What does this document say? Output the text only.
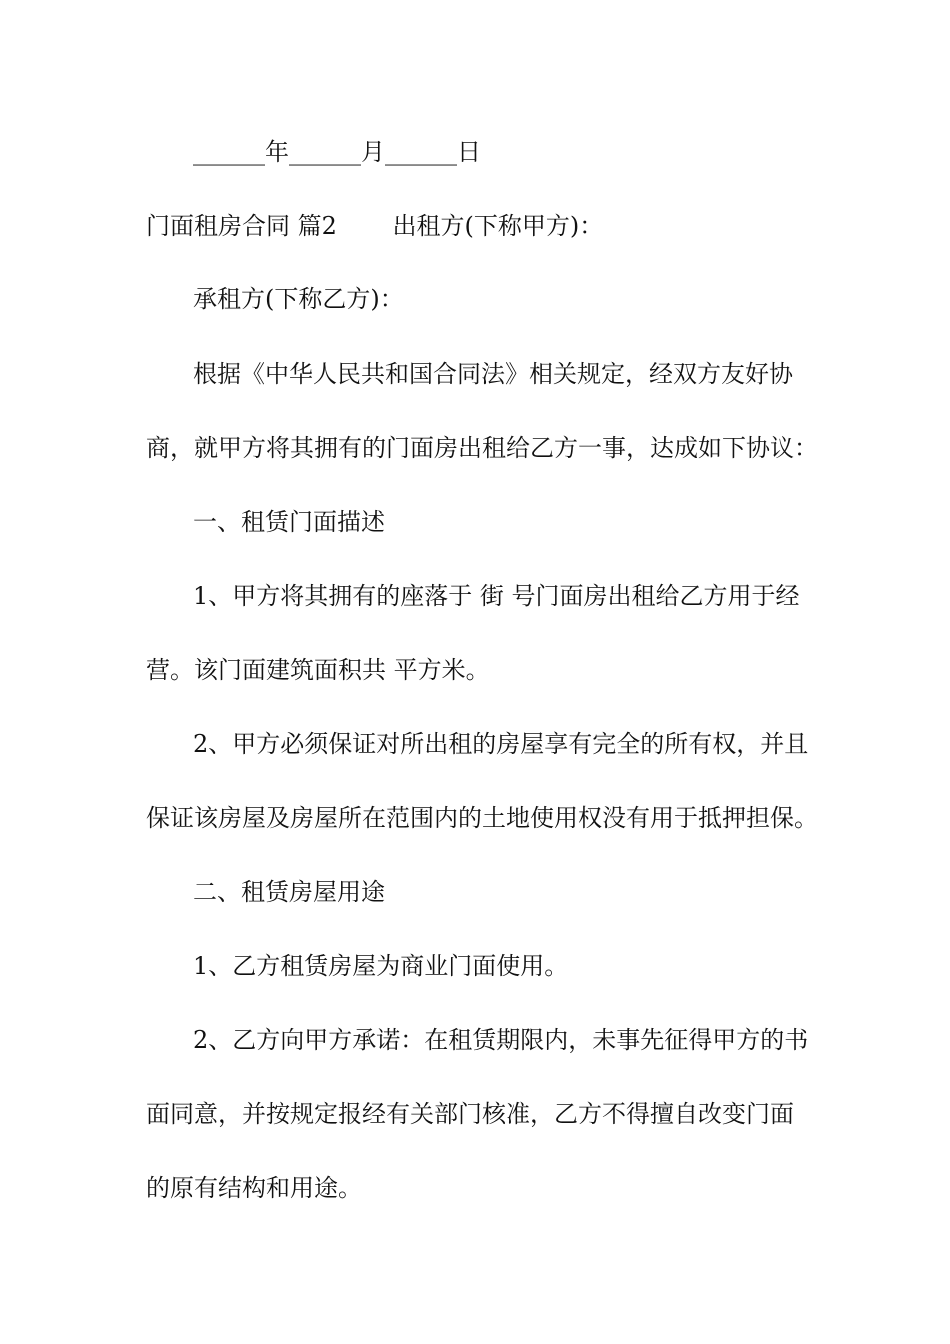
______年______月______日
门面租房合同 篇2　　 出租方(下称甲方)：
承租方(下称乙方)：
根据《中华人民共和国合同法》相关规定，经双方友好协
商，就甲方将其拥有的门面房出租给乙方一事，达成如下协议：
一、租赁门面描述
1、甲方将其拥有的座落于 街 号门面房出租给乙方用于经
营。该门面建筑面积共 平方米。
2、甲方必须保证对所出租的房屋享有完全的所有权，并且
保证该房屋及房屋所在范围内的土地使用权没有用于抵押担保。
二、租赁房屋用途
1、乙方租赁房屋为商业门面使用。
2、乙方向甲方承诺：在租赁期限内，未事先征得甲方的书
面同意，并按规定报经有关部门核准，乙方不得擅自改变门面
的原有结构和用途。
